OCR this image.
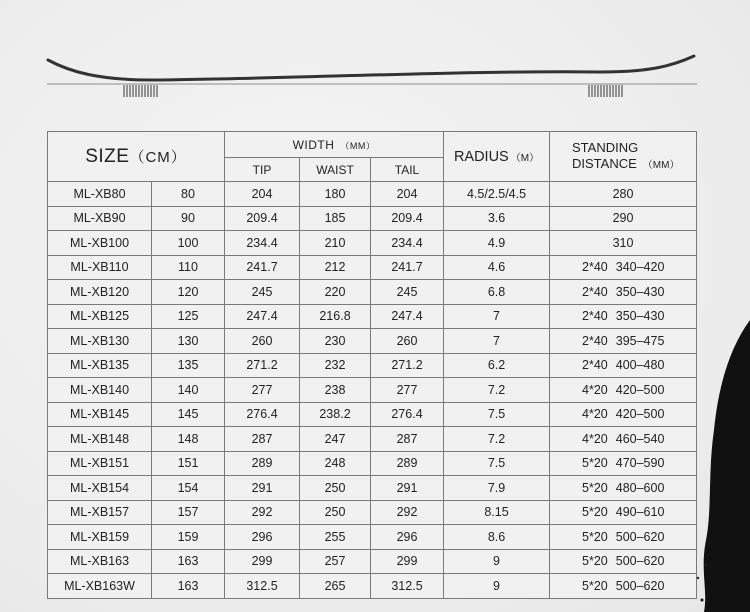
SIZE（CM）		WIDTH （MM）			RADIUS （M）	STANDING
DISTANCE （MM）
		TIP	WAIST	TAIL		
ML-XB80	80	204	180	204	4.5/2.5/4.5	280
ML-XB90	90	209.4	185	209.4	3.6	290
ML-XB100	100	234.4	210	234.4	4.9	310
ML-XB110	110	241.7	212	241.7	4.6	2*40 340–420
ML-XB120	120	245	220	245	6.8	2*40 350–430
ML-XB125	125	247.4	216.8	247.4	7	2*40 350–430
ML-XB130	130	260	230	260	7	2*40 395–475
ML-XB135	135	271.2	232	271.2	6.2	2*40 400–480
ML-XB140	140	277	238	277	7.2	4*20 420–500
ML-XB145	145	276.4	238.2	276.4	7.5	4*20 420–500
ML-XB148	148	287	247	287	7.2	4*20 460–540
ML-XB151	151	289	248	289	7.5	5*20 470–590
ML-XB154	154	291	250	291	7.9	5*20 480–600
ML-XB157	157	292	250	292	8.15	5*20 490–610
ML-XB159	159	296	255	296	8.6	5*20 500–620
ML-XB163	163	299	257	299	9	5*20 500–620
ML-XB163W	163	312.5	265	312.5	9	5*20 500–620
